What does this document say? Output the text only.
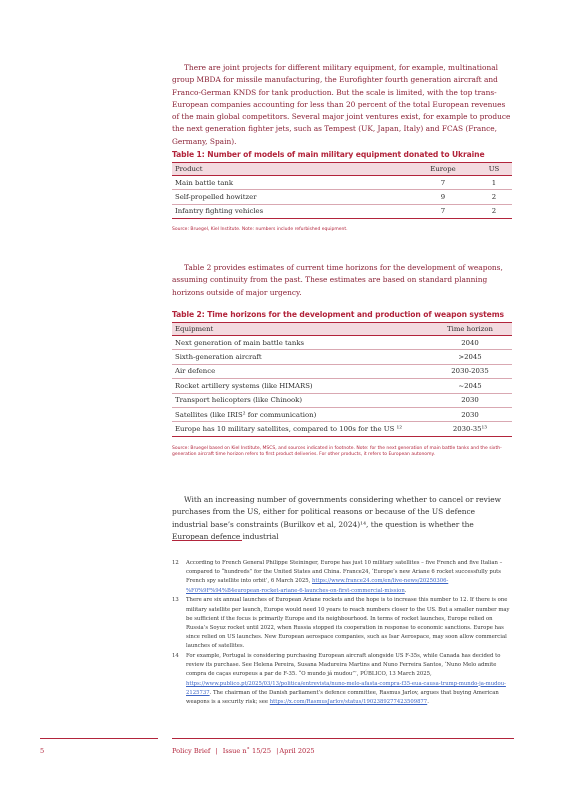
There are joint projects for different military equipment, for example, multinational group MBDA for missile manufacturing, the Eurofighter fourth generation aircraft and Franco-German KNDS for tank production. But the scale is limited, with the top trans-European companies accounting for less than 20 percent of the total European revenues of the main global competitors. Several major joint ventures exist, for example to produce the next generation fighter jets, such as Tempest (UK, Japan, Italy) and FCAS (France, Germany, Spain).

Table 1: Number of models of main military equipment donated to Ukraine

Product	Europe	US
Main battle tank	7	1
Self-propelled howitzer	9	2
Infantry fighting vehicles	7	2

Source: Bruegel, Kiel Institute. Note: numbers include refurbished equipment.

Table 2 provides estimates of current time horizons for the development of weapons, assuming continuity from the past. These estimates are based on standard planning horizons outside of major urgency.

Table 2: Time horizons for the development and production of weapon systems

Equipment	Time horizon
Next generation of main battle tanks	2040
Sixth-generation aircraft	>2045
Air defence	2030-2035
Rocket artillery systems (like HIMARS)	~2045
Transport helicopters (like Chinook)	2030
Satellites (like IRIS² for communication)	2030
Europe has 10 military satellites, compared to 100s for the US ¹²	2030-35¹³

Source: Bruegel based on Kiel Institute, MSCS, and sources indicated in footnote. Note: for the next generation of main battle tanks and the sixth-generation aircraft time horizon refers to first product deliveries. For other products, it refers to European autonomy.

With an increasing number of governments considering whether to cancel or review purchases from the US, either for political reasons or because of the US defence industrial base’s constraints (Burilkov et al, 2024)¹⁴, the question is whether the European defence industrial

12 According to French General Philippe Steininger, Europe has just 10 military satellites – five French and five Italian – compared to “hundreds” for the United States and China. France24, ‘Europe’s new Ariane 6 rocket successfully puts French spy satellite into orbit’, 6 March 2025, https://www.france24.com/en/live-news/20250306-%F0%9F%94%B4european-rocket-ariane-6-launches-on-first-commercial-mission.

13 There are six annual launches of European Ariane rockets and the hope is to increase this number to 12. If there is one military satellite per launch, Europe would need 10 years to reach numbers closer to the US. But a smaller number may be sufficient if the focus is primarily Europe and its neighbourhood. In terms of rocket launches, Europe relied on Russia’s Soyuz rocket until 2022, when Russia stopped its cooperation in response to economic sanctions. Europe has since relied on US launches. New European aerospace companies, such as Isar Aerospace, may soon allow commercial launches of satellites.

14 For example, Portugal is considering purchasing European aircraft alongside US F-35s, while Canada has decided to review its purchase. See Helena Pereira, Susana Madureira Martins and Nuno Ferreira Santos, ‘Nuno Melo admite compra de caças europeus a par de F-35. “O mundo já mudou”’, PÚBLICO, 13 March 2025, https://www.publico.pt/2025/03/13/politica/entrevista/nuno-melo-afasta-compra-f35-eua-causa-trump-mundo-ja-mudou-2125737. The chairman of the Danish parliament’s defence committee, Rasmus Jarlov, argues that buying American weapons is a security risk; see https://x.com/RasmusJarlov/status/1902389277423509877.

5	Policy Brief | Issue n˚ 15/25 |April 2025
